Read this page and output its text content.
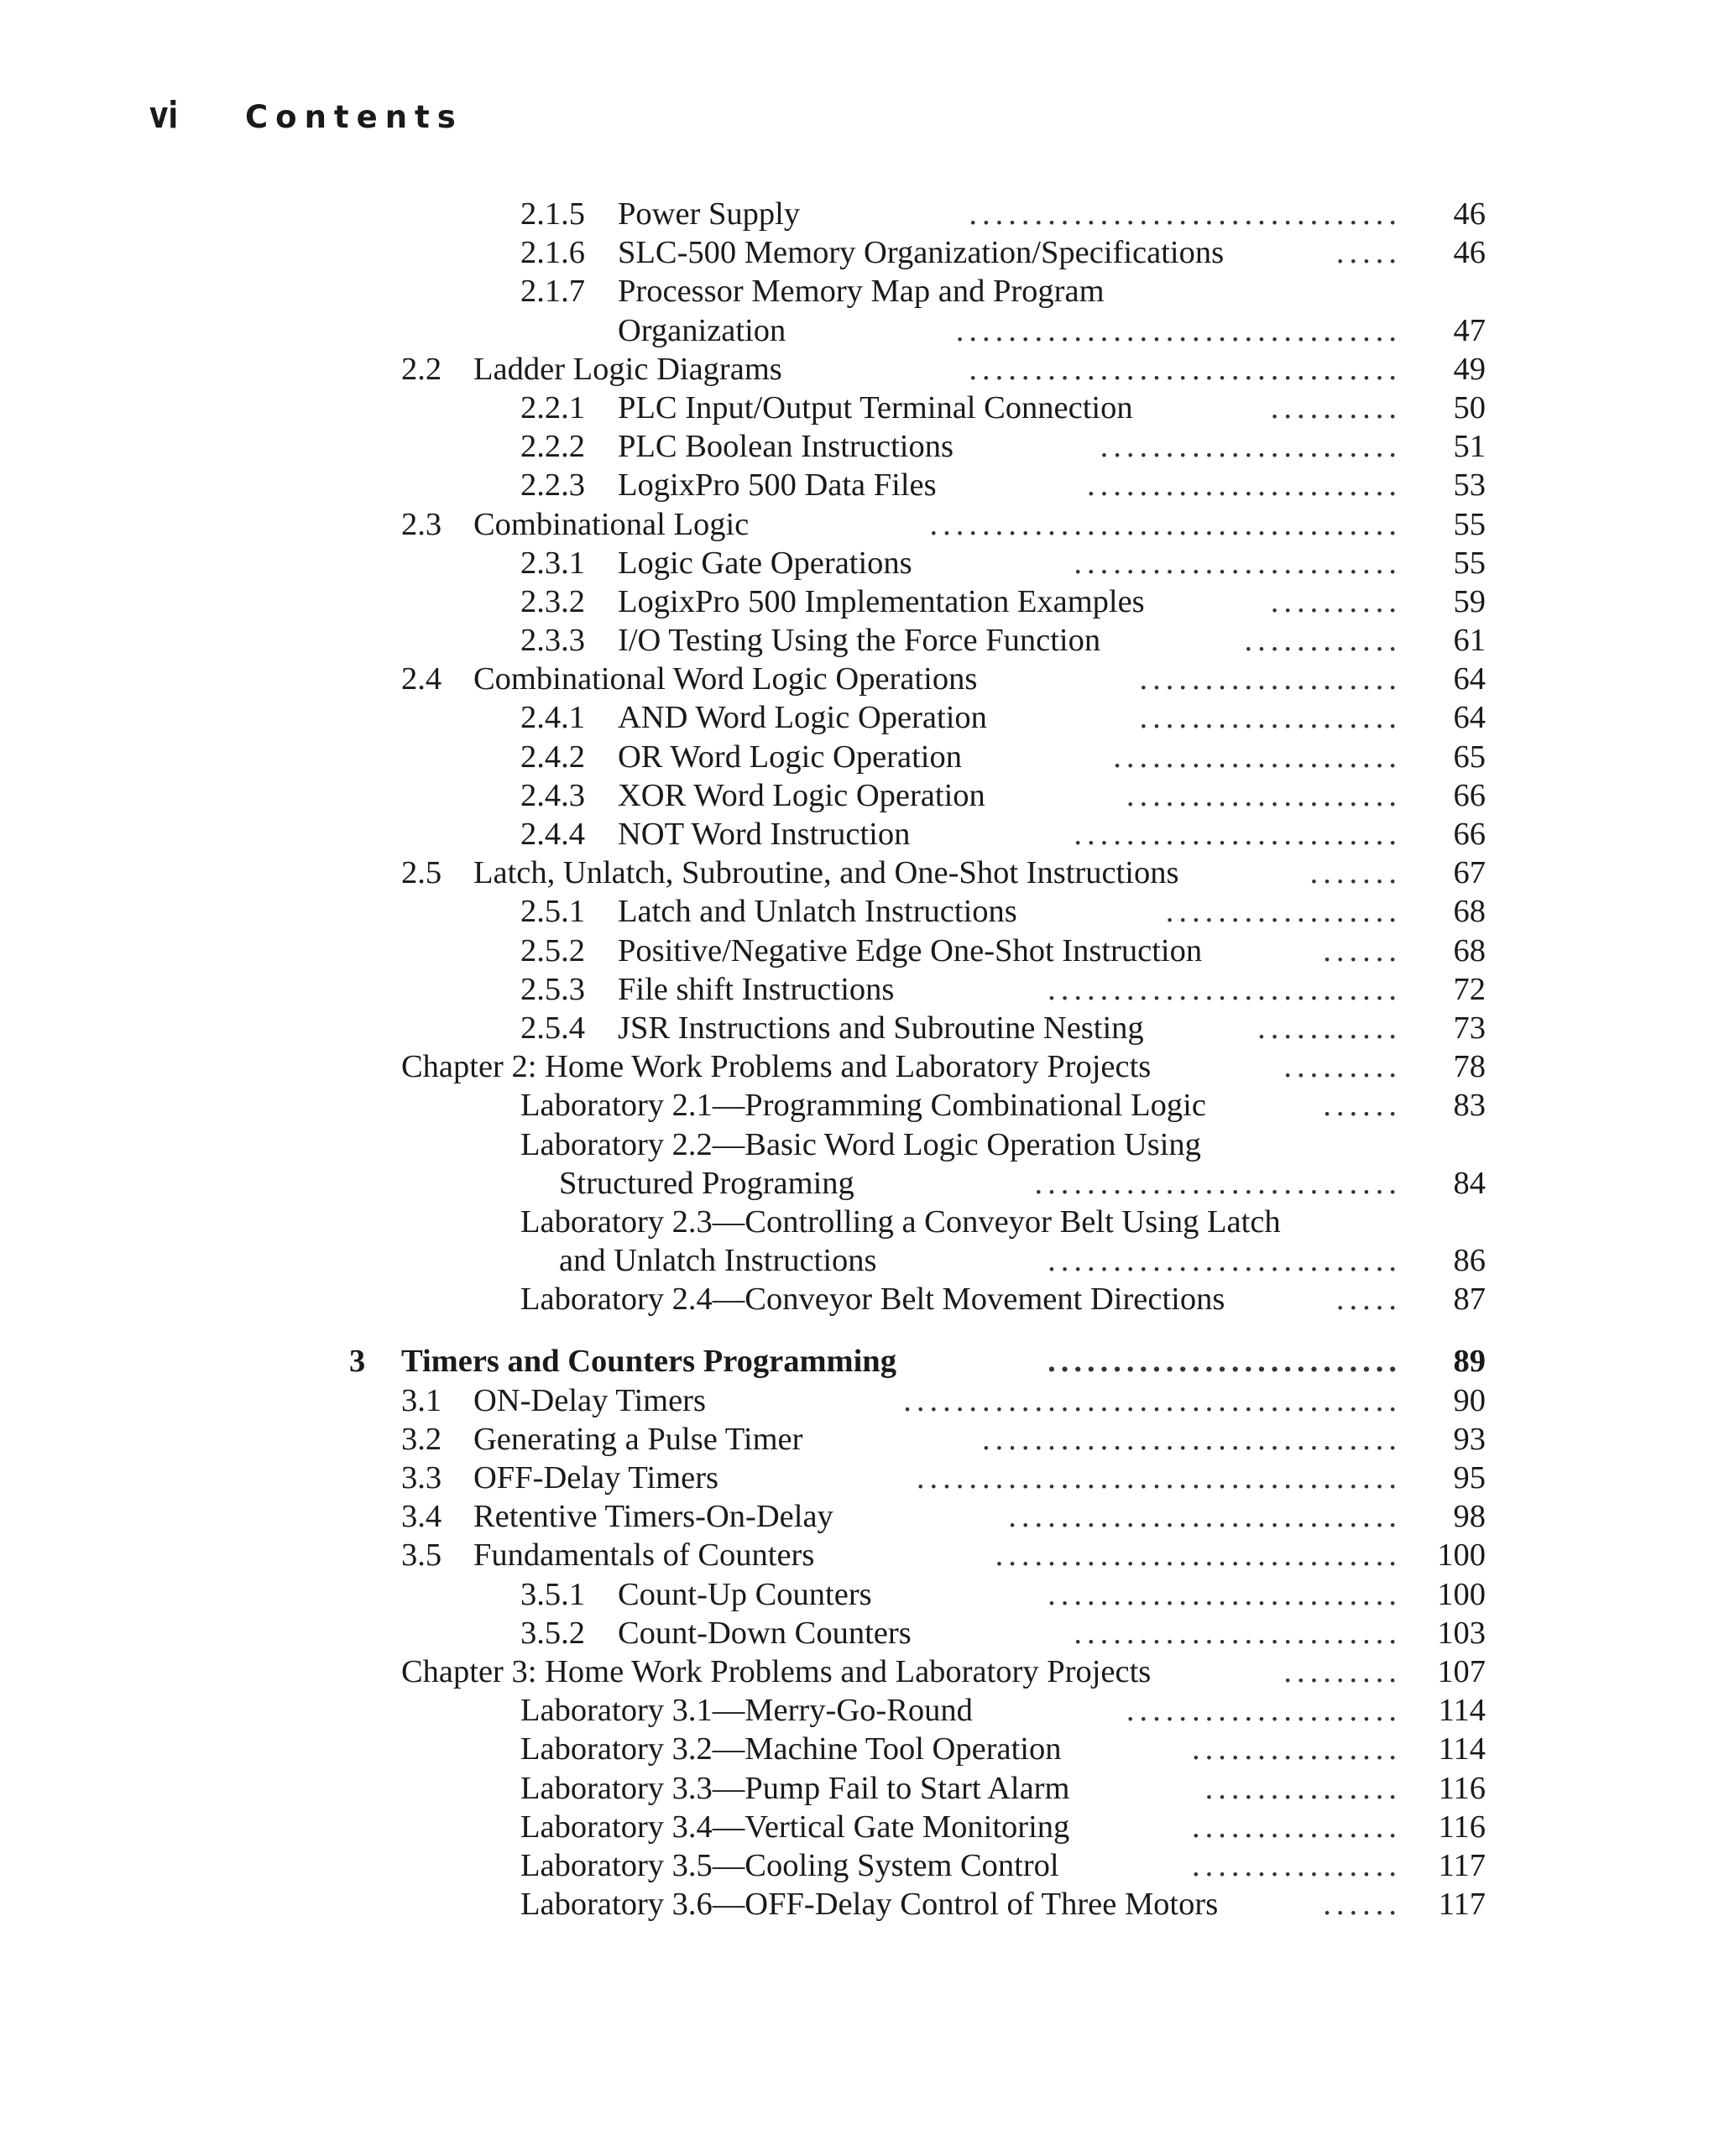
vi	Contents
2.1.5 Power Supply	.................................	46
2.1.6 SLC-500 Memory Organization/Specifications	.....	46
2.1.7 Processor Memory Map and Program
Organization	..................................	47
2.2 Ladder Logic Diagrams	.................................	49
2.2.1 PLC Input/Output Terminal Connection	..........	50
2.2.2 PLC Boolean Instructions	.......................	51
2.2.3 LogixPro 500 Data Files	........................	53
2.3 Combinational Logic	....................................	55
2.3.1 Logic Gate Operations	.........................	55
2.3.2 LogixPro 500 Implementation Examples	..........	59
2.3.3 I/O Testing Using the Force Function	............	61
2.4 Combinational Word Logic Operations	....................	64
2.4.1 AND Word Logic Operation	....................	64
2.4.2 OR Word Logic Operation	......................	65
2.4.3 XOR Word Logic Operation	.....................	66
2.4.4 NOT Word Instruction	.........................	66
2.5 Latch, Unlatch, Subroutine, and One-Shot Instructions	.......	67
2.5.1 Latch and Unlatch Instructions	..................	68
2.5.2 Positive/Negative Edge One-Shot Instruction	......	68
2.5.3 File shift Instructions	...........................	72
2.5.4 JSR Instructions and Subroutine Nesting	...........	73
Chapter 2: Home Work Problems and Laboratory Projects	.........	78
Laboratory 2.1—Programming Combinational Logic	......	83
Laboratory 2.2—Basic Word Logic Operation Using
Structured Programing	............................	84
Laboratory 2.3—Controlling a Conveyor Belt Using Latch
and Unlatch Instructions	...........................	86
Laboratory 2.4—Conveyor Belt Movement Directions	.....	87
3 Timers and Counters Programming	...........................	89
3.1 ON-Delay Timers	......................................	90
3.2 Generating a Pulse Timer	................................	93
3.3 OFF-Delay Timers	.....................................	95
3.4 Retentive Timers-On-Delay	..............................	98
3.5 Fundamentals of Counters	...............................	100
3.5.1 Count-Up Counters	...........................	100
3.5.2 Count-Down Counters	.........................	103
Chapter 3: Home Work Problems and Laboratory Projects	.........	107
Laboratory 3.1—Merry-Go-Round	.....................	114
Laboratory 3.2—Machine Tool Operation	................	114
Laboratory 3.3—Pump Fail to Start Alarm	...............	116
Laboratory 3.4—Vertical Gate Monitoring	................	116
Laboratory 3.5—Cooling System Control	................	117
Laboratory 3.6—OFF-Delay Control of Three Motors	......	117
